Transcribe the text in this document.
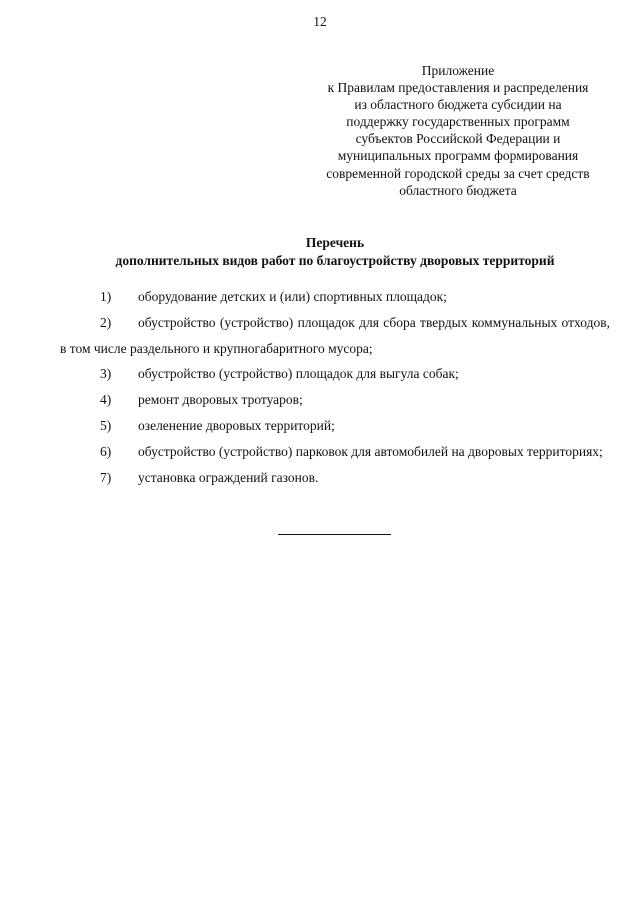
12
Приложение
к Правилам предоставления и распределения
из областного бюджета субсидии на
поддержку государственных программ
субъектов Российской Федерации и
муниципальных программ формирования
современной городской среды за счет средств
областного бюджета
Перечень
дополнительных видов работ по благоустройству дворовых территорий
1) оборудование детских и (или) спортивных площадок;
2) обустройство (устройство) площадок для сбора твердых коммунальных отходов, в том числе раздельного и крупногабаритного мусора;
3) обустройство (устройство) площадок для выгула собак;
4) ремонт дворовых тротуаров;
5) озеленение дворовых территорий;
6) обустройство (устройство) парковок для автомобилей на дворовых территориях;
7) установка ограждений газонов.
